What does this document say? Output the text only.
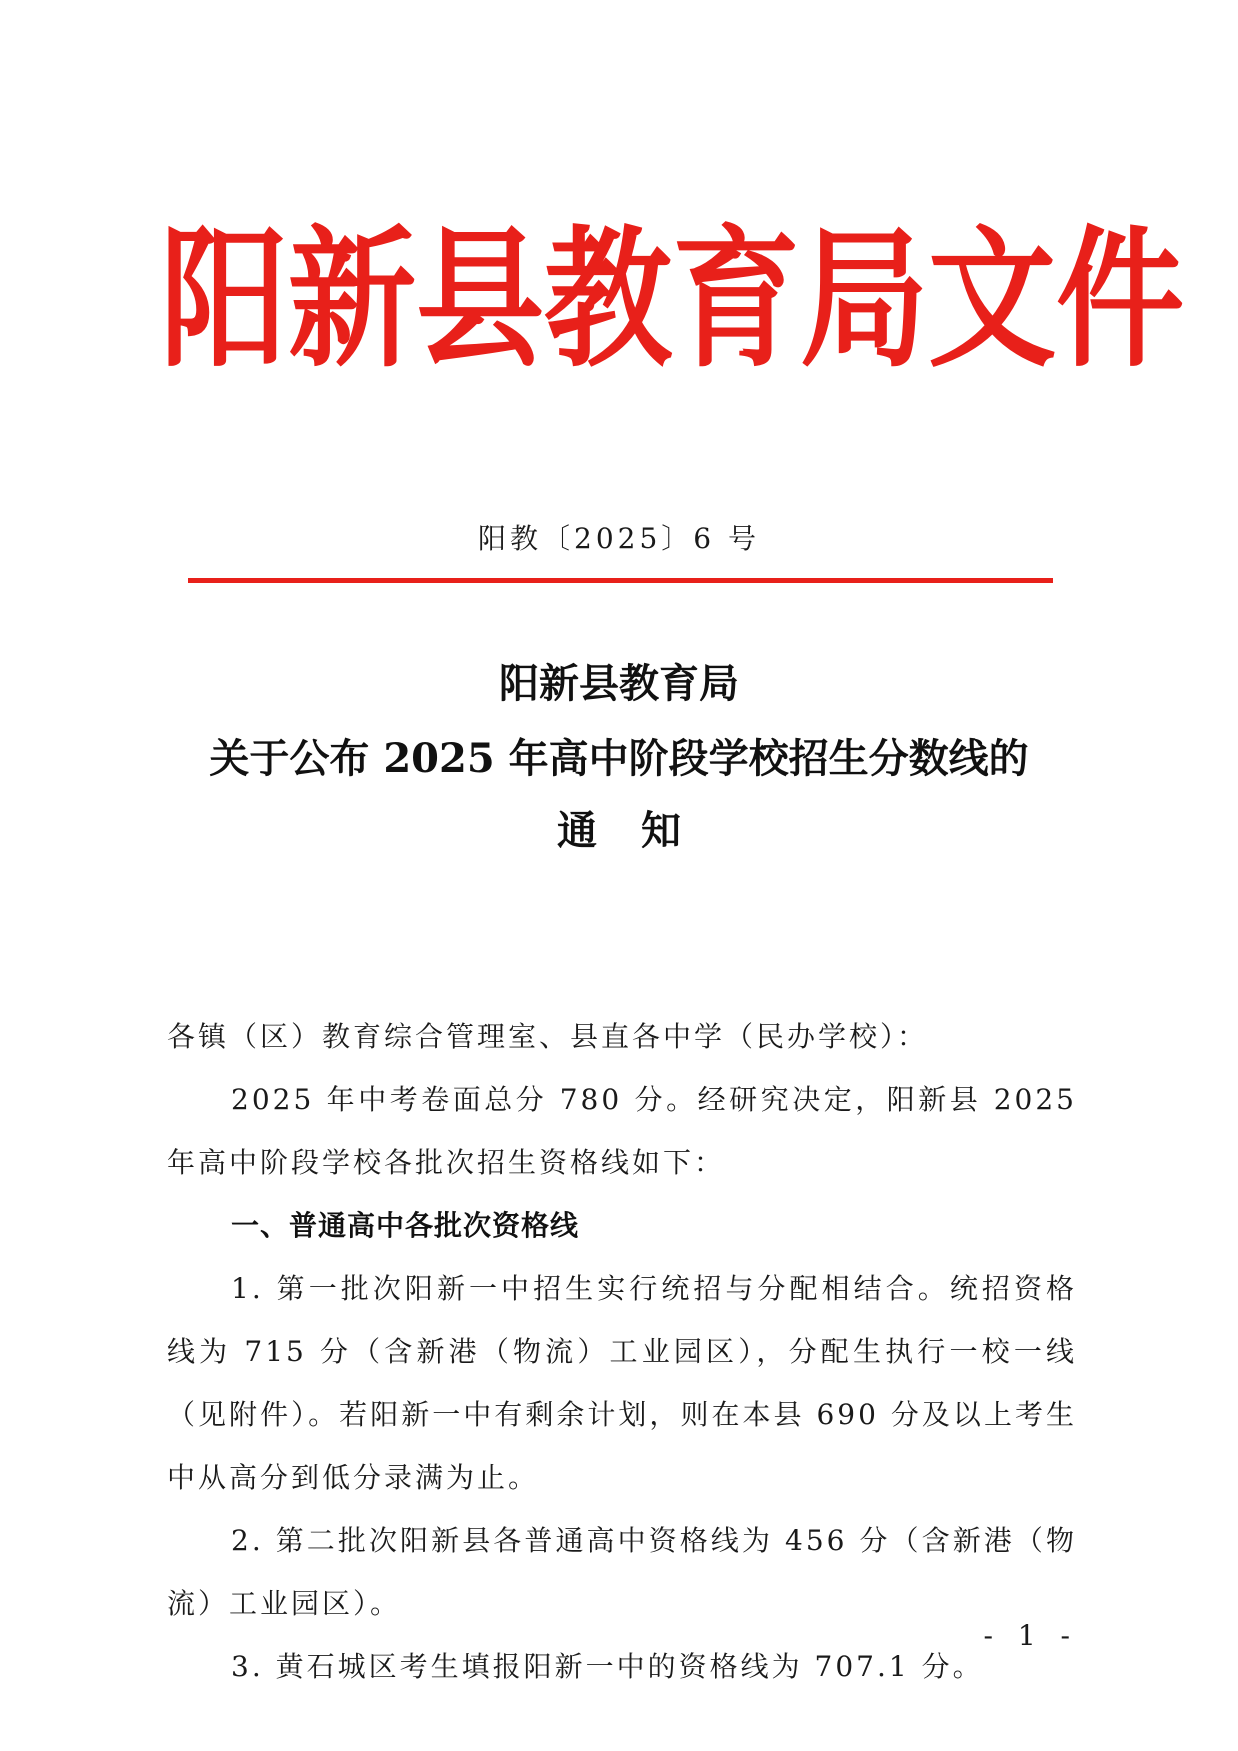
阳 新 县 教 育 局 文 件
阳教〔2025〕6 号
阳新县教育局
关于公布 2025 年高中阶段学校招生分数线的
通知

各镇（区）教育综合管理室、县直各中学（民办学校）：

2025 年中考卷面总分 780 分。经研究决定，阳新县 2025 年高中阶段学校各批次招生资格线如下：

一、普通高中各批次资格线

1. 第一批次阳新一中招生实行统招与分配相结合。统招资格线为 715 分（含新港（物流）工业园区），分配生执行一校一线（见附件）。若阳新一中有剩余计划，则在本县 690 分及以上考生中从高分到低分录满为止。

2. 第二批次阳新县各普通高中资格线为 456 分（含新港（物流）工业园区）。

3. 黄石城区考生填报阳新一中的资格线为 707.1 分。

- 1 -
